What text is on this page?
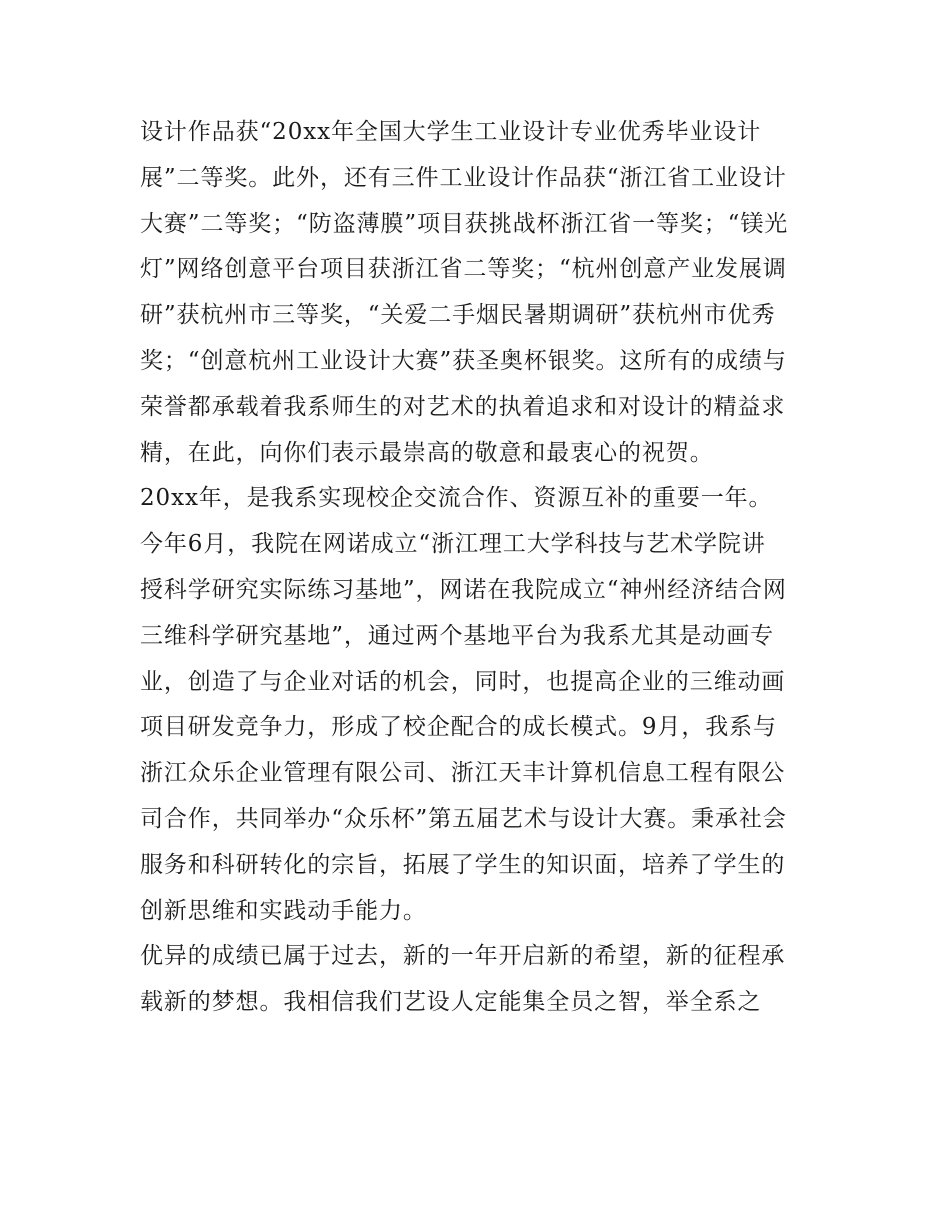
设计作品获“20xx年全国大学生工业设计专业优秀毕业设计
展”二等奖。此外，还有三件工业设计作品获“浙江省工业设计
大赛”二等奖；“防盗薄膜”项目获挑战杯浙江省一等奖；“镁光
灯”网络创意平台项目获浙江省二等奖；“杭州创意产业发展调
研”获杭州市三等奖，“关爱二手烟民暑期调研”获杭州市优秀
奖；“创意杭州工业设计大赛”获圣奥杯银奖。这所有的成绩与
荣誉都承载着我系师生的对艺术的执着追求和对设计的精益求
精，在此，向你们表示最崇高的敬意和最衷心的祝贺。
20xx年，是我系实现校企交流合作、资源互补的重要一年。
今年6月，我院在网诺成立“浙江理工大学科技与艺术学院讲
授科学研究实际练习基地”，网诺在我院成立“神州经济结合网
三维科学研究基地”，通过两个基地平台为我系尤其是动画专
业，创造了与企业对话的机会，同时，也提高企业的三维动画
项目研发竞争力，形成了校企配合的成长模式。9月，我系与
浙江众乐企业管理有限公司、浙江天丰计算机信息工程有限公
司合作，共同举办“众乐杯”第五届艺术与设计大赛。秉承社会
服务和科研转化的宗旨，拓展了学生的知识面，培养了学生的
创新思维和实践动手能力。
优异的成绩已属于过去，新的一年开启新的希望，新的征程承
载新的梦想。我相信我们艺设人定能集全员之智，举全系之
